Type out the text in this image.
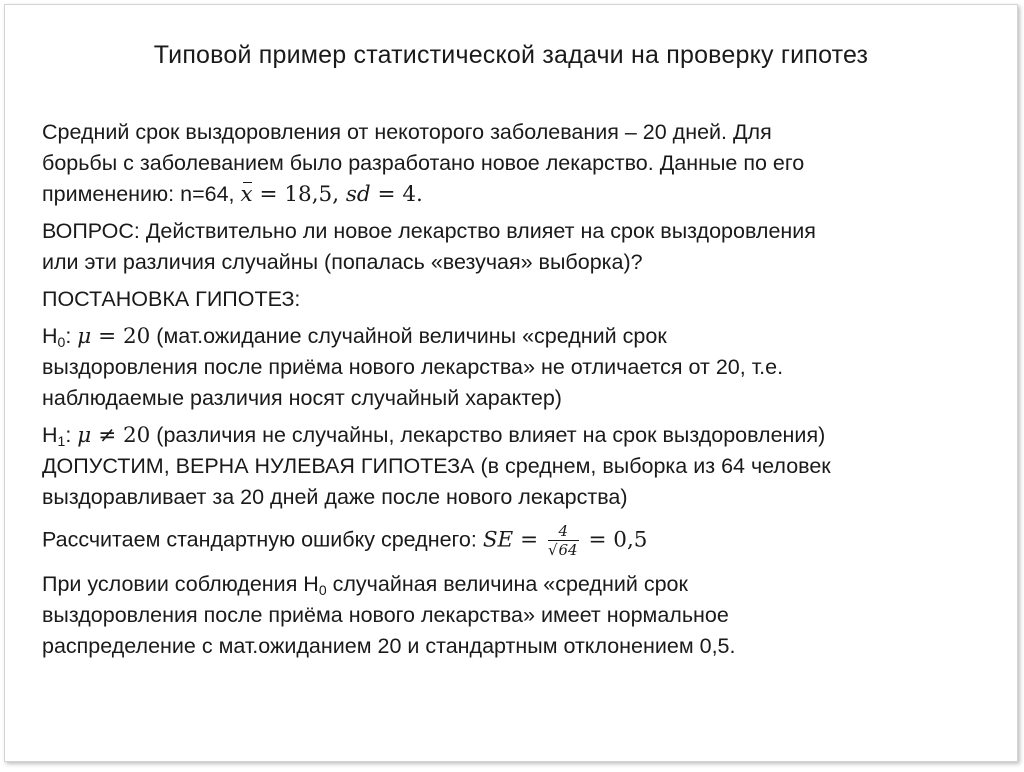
Типовой пример статистической задачи на проверку гипотез
Средний срок выздоровления от некоторого заболевания – 20 дней. Для
борьбы с заболеванием было разработано новое лекарство. Данные по его
применению: n=64, x = 18,5, sd = 4.
ВОПРОС: Действительно ли новое лекарство влияет на срок выздоровления
или эти различия случайны (попалась «везучая» выборка)?
ПОСТАНОВКА ГИПОТЕЗ:
$H_0$: μ = 20 (мат.ожидание случайной величины «средний срок
выздоровления после приёма нового лекарства» не отличается от 20, т.е.
наблюдаемые различия носят случайный характер)
$H_1$: μ ≠ 20 (различия не случайны, лекарство влияет на срок выздоровления)
ДОПУСТИМ, ВЕРНА НУЛЕВАЯ ГИПОТЕЗА (в среднем, выборка из 64 человек
выздоравливает за 20 дней даже после нового лекарства)
Рассчитаем стандартную ошибку среднего: SE = $\frac{4}{√64} = 0,5$
При условии соблюдения $H_0$ случайная величина «средний срок
выздоровления после приёма нового лекарства» имеет нормальное
распределение с мат.ожиданием 20 и стандартным отклонением 0,5.
